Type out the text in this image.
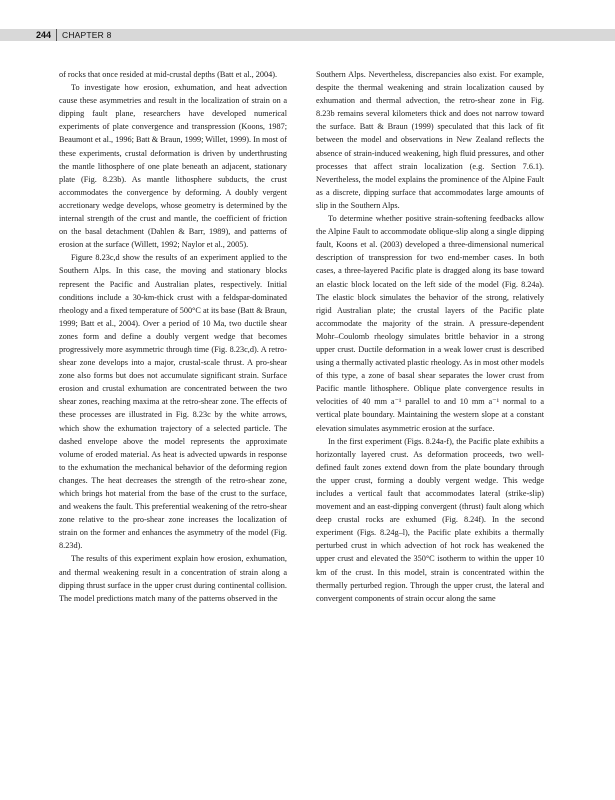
244	CHAPTER 8

of rocks that once resided at mid-crustal depths (Batt et al., 2004).

To investigate how erosion, exhumation, and heat advection cause these asymmetries and result in the localization of strain on a dipping fault plane, researchers have developed numerical experiments of plate convergence and transpression (Koons, 1987; Beaumont et al., 1996; Batt & Braun, 1999; Willet, 1999). In most of these experiments, crustal deformation is driven by underthrusting the mantle lithosphere of one plate beneath an adjacent, stationary plate (Fig. 8.23b). As mantle lithosphere subducts, the crust accommodates the convergence by deforming. A doubly vergent accretionary wedge develops, whose geometry is determined by the internal strength of the crust and mantle, the coefficient of friction on the basal detachment (Dahlen & Barr, 1989), and patterns of erosion at the surface (Willett, 1992; Naylor et al., 2005).

Figure 8.23c,d show the results of an experiment applied to the Southern Alps. In this case, the moving and stationary blocks represent the Pacific and Australian plates, respectively. Initial conditions include a 30-km-thick crust with a feldspar-dominated rheology and a fixed temperature of 500°C at its base (Batt & Braun, 1999; Batt et al., 2004). Over a period of 10 Ma, two ductile shear zones form and define a doubly vergent wedge that becomes progressively more asymmetric through time (Fig. 8.23c,d). A retro-shear zone develops into a major, crustal-scale thrust. A pro-shear zone also forms but does not accumulate significant strain. Surface erosion and crustal exhumation are concentrated between the two shear zones, reaching maxima at the retro-shear zone. The effects of these processes are illustrated in Fig. 8.23c by the white arrows, which show the exhumation trajectory of a selected particle. The dashed envelope above the model represents the approximate volume of eroded material. As heat is advected upwards in response to the exhumation the mechanical behavior of the deforming region changes. The heat decreases the strength of the retro-shear zone, which brings hot material from the base of the crust to the surface, and weakens the fault. This preferential weakening of the retro-shear zone relative to the pro-shear zone increases the localization of strain on the former and enhances the asymmetry of the model (Fig. 8.23d).

The results of this experiment explain how erosion, exhumation, and thermal weakening result in a concentration of strain along a dipping thrust surface in the upper crust during continental collision. The model predictions match many of the patterns observed in the

Southern Alps. Nevertheless, discrepancies also exist. For example, despite the thermal weakening and strain localization caused by exhumation and thermal advection, the retro-shear zone in Fig. 8.23b remains several kilometers thick and does not narrow toward the surface. Batt & Braun (1999) speculated that this lack of fit between the model and observations in New Zealand reflects the absence of strain-induced weakening, high fluid pressures, and other processes that affect strain localization (e.g. Section 7.6.1). Nevertheless, the model explains the prominence of the Alpine Fault as a discrete, dipping surface that accommodates large amounts of slip in the Southern Alps.

To determine whether positive strain-softening feedbacks allow the Alpine Fault to accommodate oblique-slip along a single dipping fault, Koons et al. (2003) developed a three-dimensional numerical description of transpression for two end-member cases. In both cases, a three-layered Pacific plate is dragged along its base toward an elastic block located on the left side of the model (Fig. 8.24a). The elastic block simulates the behavior of the strong, relatively rigid Australian plate; the crustal layers of the Pacific plate accommodate the majority of the strain. A pressure-dependent Mohr–Coulomb rheology simulates brittle behavior in a strong upper crust. Ductile deformation in a weak lower crust is described using a thermally activated plastic rheology. As in most other models of this type, a zone of basal shear separates the lower crust from Pacific mantle lithosphere. Oblique plate convergence results in velocities of 40 mm a⁻¹ parallel to and 10 mm a⁻¹ normal to a vertical plate boundary. Maintaining the western slope at a constant elevation simulates asymmetric erosion at the surface.

In the first experiment (Figs. 8.24a-f), the Pacific plate exhibits a horizontally layered crust. As deformation proceeds, two well-defined fault zones extend down from the plate boundary through the upper crust, forming a doubly vergent wedge. This wedge includes a vertical fault that accommodates lateral (strike-slip) movement and an east-dipping convergent (thrust) fault along which deep crustal rocks are exhumed (Fig. 8.24f). In the second experiment (Figs. 8.24g–l), the Pacific plate exhibits a thermally perturbed crust in which advection of hot rock has weakened the upper crust and elevated the 350°C isotherm to within the upper 10 km of the crust. In this model, strain is concentrated within the thermally perturbed region. Through the upper crust, the lateral and convergent components of strain occur along the same
